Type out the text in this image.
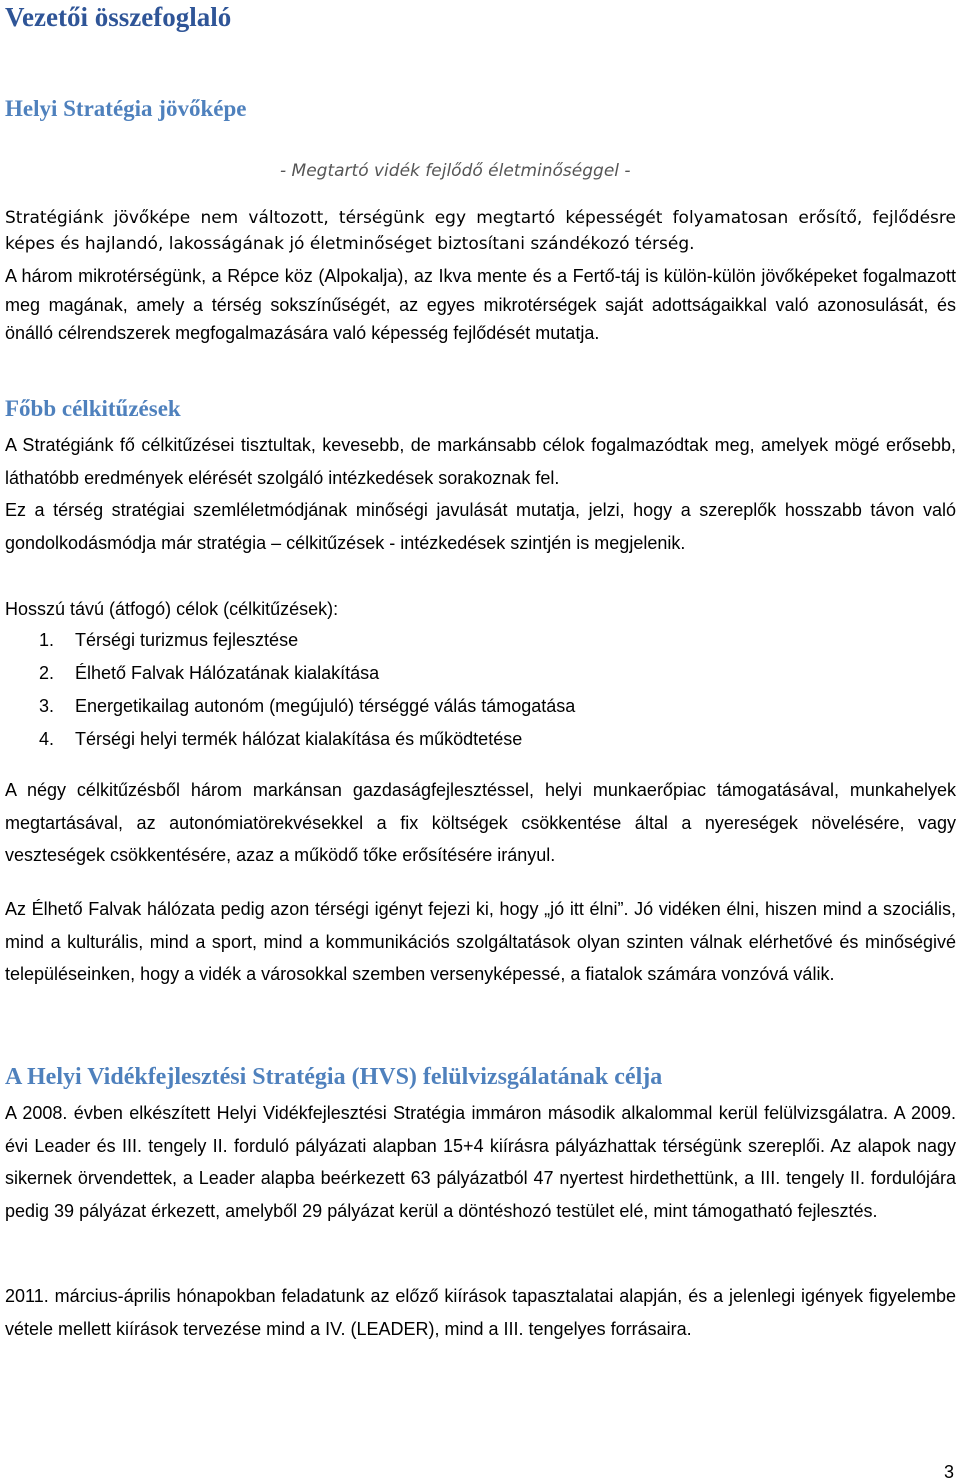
Vezetői összefoglaló
Helyi Stratégia jövőképe
- Megtartó vidék fejlődő életminőséggel -

Stratégiánk jövőképe nem változott, térségünk egy megtartó képességét folyamatosan erősítő, fejlődésre képes és hajlandó, lakosságának jó életminőséget biztosítani szándékozó térség.

A három mikrotérségünk, a Répce köz (Alpokalja), az Ikva mente és a Fertő-táj is külön-külön jövőképeket fogalmazott meg magának, amely a térség sokszínűségét, az egyes mikrotérségek saját adottságaikkal való azonosulását, és önálló célrendszerek megfogalmazására való képesség fejlődését mutatja.

Főbb célkitűzések

A Stratégiánk fő célkitűzései tisztultak, kevesebb, de markánsabb célok fogalmazódtak meg, amelyek mögé erősebb, láthatóbb eredmények elérését szolgáló intézkedések sorakoznak fel.

Ez a térség stratégiai szemléletmódjának minőségi javulását mutatja, jelzi, hogy a szereplők hosszabb távon való gondolkodásmódja már stratégia – célkitűzések - intézkedések szintjén is megjelenik.

Hosszú távú (átfogó) célok (célkitűzések):
1. Térségi turizmus fejlesztése
2. Élhető Falvak Hálózatának kialakítása
3. Energetikailag autonóm (megújuló) térséggé válás támogatása
4. Térségi helyi termék hálózat kialakítása és működtetése

A négy célkitűzésből három markánsan gazdaságfejlesztéssel, helyi munkaerőpiac támogatásával, munkahelyek megtartásával, az autonómiatörekvésekkel a fix költségek csökkentése által a nyereségek növelésére, vagy veszteségek csökkentésére, azaz a működő tőke erősítésére irányul.

Az Élhető Falvak hálózata pedig azon térségi igényt fejezi ki, hogy „jó itt élni”. Jó vidéken élni, hiszen mind a szociális, mind a kulturális, mind a sport, mind a kommunikációs szolgáltatások olyan szinten válnak elérhetővé és minőségivé településeinken, hogy a vidék a városokkal szemben versenyképessé, a fiatalok számára vonzóvá válik.

A Helyi Vidékfejlesztési Stratégia (HVS) felülvizsgálatának célja

A 2008. évben elkészített Helyi Vidékfejlesztési Stratégia immáron második alkalommal kerül felülvizsgálatra. A 2009. évi Leader és III. tengely II. forduló pályázati alapban 15+4 kiírásra pályázhattak térségünk szereplői. Az alapok nagy sikernek örvendettek, a Leader alapba beérkezett 63 pályázatból 47 nyertest hirdethettünk, a III. tengely II. fordulójára pedig 39 pályázat érkezett, amelyből 29 pályázat kerül a döntéshozó testület elé, mint támogatható fejlesztés.

2011. március-április hónapokban feladatunk az előző kiírások tapasztalatai alapján, és a jelenlegi igények figyelembe vétele mellett kiírások tervezése mind a IV. (LEADER), mind a III. tengelyes forrásaira.

3
